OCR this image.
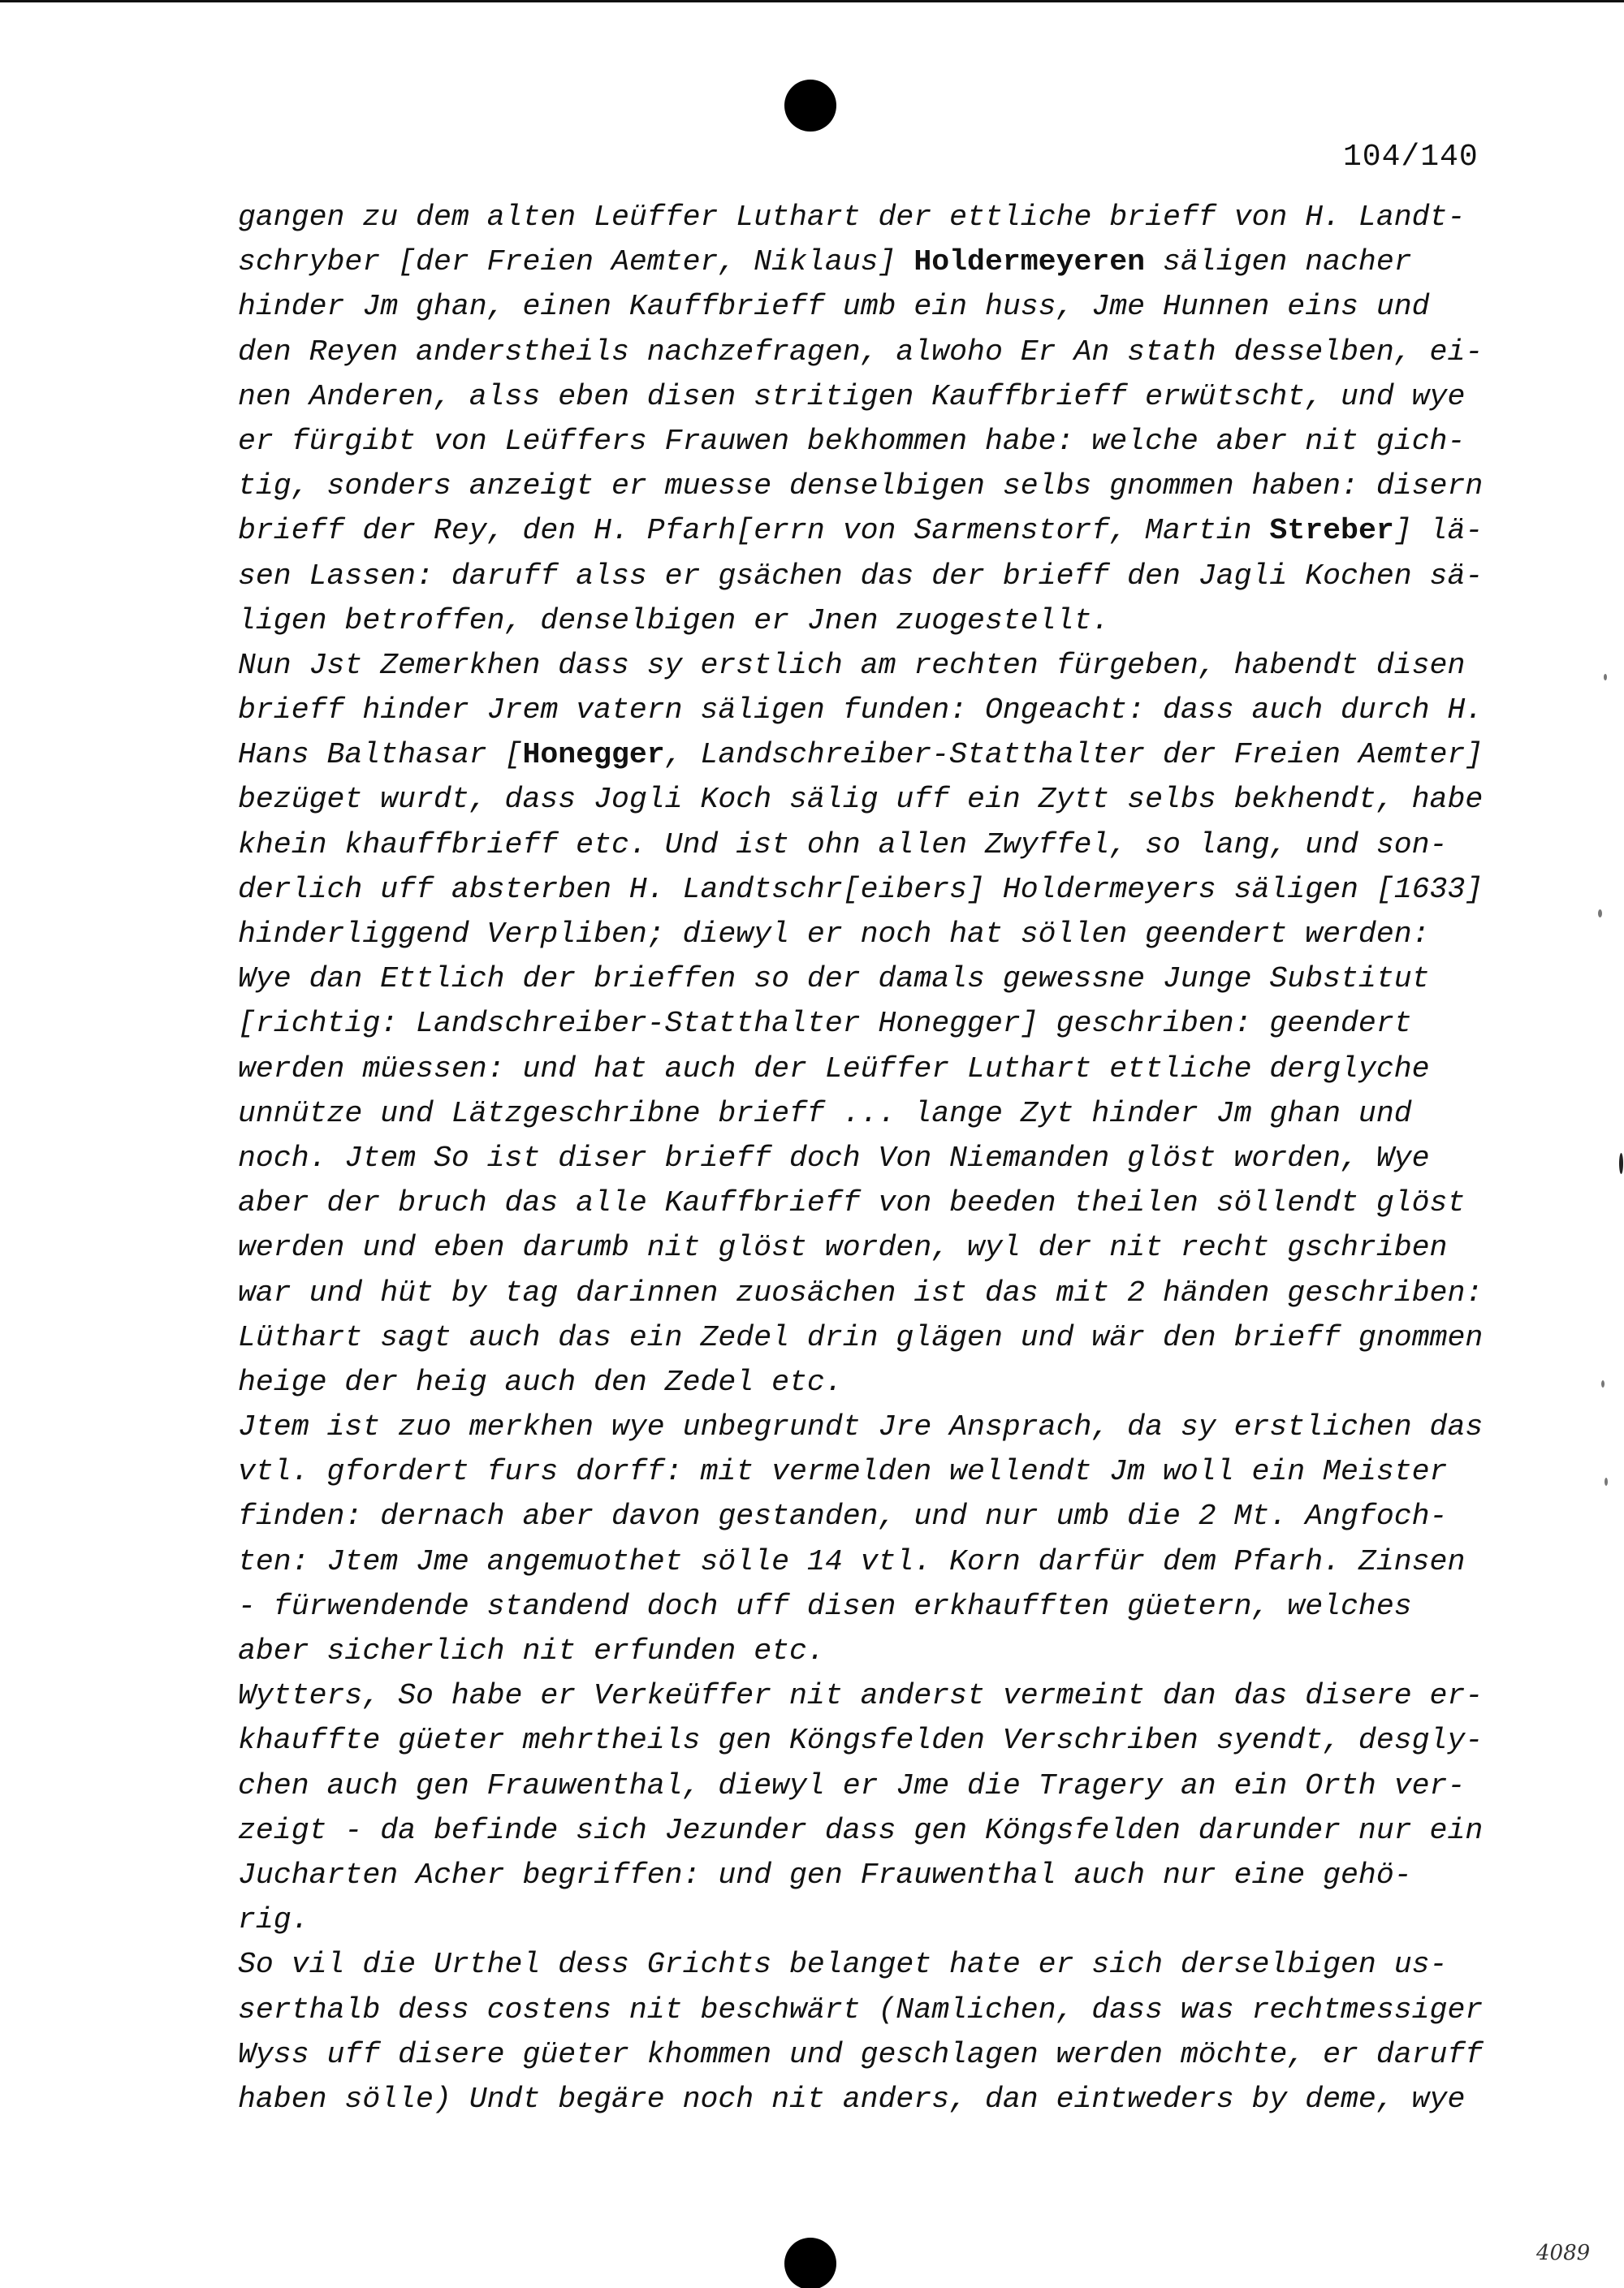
104/140
gangen zu dem alten Leüffer Luthart der ettliche brieff von H. Landt-
schryber [der Freien Aemter, Niklaus] Holdermeyeren säligen nacher
hinder Jm ghan, einen Kauffbrieff umb ein huss, Jme Hunnen eins und
den Reyen anderstheils nachzefragen, alwoho Er An stath desselben, ei-
nen Anderen, alss eben disen stritigen Kauffbrieff erwütscht, und wye
er fürgibt von Leüffers Frauwen bekhommen habe: welche aber nit gich-
tig, sonders anzeigt er muesse denselbigen selbs gnommen haben: disern
brieff der Rey, den H. Pfarh[errn von Sarmenstorf, Martin Streber] lä-
sen Lassen: daruff alss er gsächen das der brieff den Jagli Kochen sä-
ligen betroffen, denselbigen er Jnen zuogestellt.
Nun Jst Zemerkhen dass sy erstlich am rechten fürgeben, habendt disen
brieff hinder Jrem vatern säligen funden: Ongeacht: dass auch durch H.
Hans Balthasar [Honegger, Landschreiber-Statthalter der Freien Aemter]
bezüget wurdt, dass Jogli Koch sälig uff ein Zytt selbs bekhendt, habe
khein khauffbrieff etc. Und ist ohn allen Zwyffel, so lang, und son-
derlich uff absterben H. Landtschr[eibers] Holdermeyers säligen [1633]
hinderliggend Verpliben; diewyl er noch hat söllen geendert werden:
Wye dan Ettlich der brieffen so der damals gewessne Junge Substitut
[richtig: Landschreiber-Statthalter Honegger] geschriben: geendert
werden müessen: und hat auch der Leüffer Luthart ettliche derglyche
unnütze und Lätzgeschribne brieff ... lange Zyt hinder Jm ghan und
noch. Jtem So ist diser brieff doch Von Niemanden glöst worden, Wye
aber der bruch das alle Kauffbrieff von beeden theilen söllendt glöst
werden und eben darumb nit glöst worden, wyl der nit recht gschriben
war und hüt by tag darinnen zuosächen ist das mit 2 händen geschriben:
Lüthart sagt auch das ein Zedel drin glägen und wär den brieff gnommen
heige der heig auch den Zedel etc.
Jtem ist zuo merkhen wye unbegrundt Jre Ansprach, da sy erstlichen das
vtl. gfordert furs dorff: mit vermelden wellendt Jm woll ein Meister
finden: dernach aber davon gestanden, und nur umb die 2 Mt. Angfoch-
ten: Jtem Jme angemuothet sölle 14 vtl. Korn darfür dem Pfarh. Zinsen
- fürwendende standend doch uff disen erkhaufften güetern, welches
aber sicherlich nit erfunden etc.
Wytters, So habe er Verkeüffer nit anderst vermeint dan das disere er-
khauffte güeter mehrtheils gen Köngsfelden Verschriben syendt, desgly-
chen auch gen Frauwenthal, diewyl er Jme die Tragery an ein Orth ver-
zeigt - da befinde sich Jezunder dass gen Köngsfelden darunder nur ein
Jucharten Acher begriffen: und gen Frauwenthal auch nur eine gehö-
rig.
So vil die Urthel dess Grichts belanget hate er sich derselbigen us-
serthalb dess costens nit beschwärt (Namlichen, dass was rechtmessiger
Wyss uff disere güeter khommen und geschlagen werden möchte, er daruff
haben sölle) Undt begäre noch nit anders, dan eintweders by deme, wye
4089
